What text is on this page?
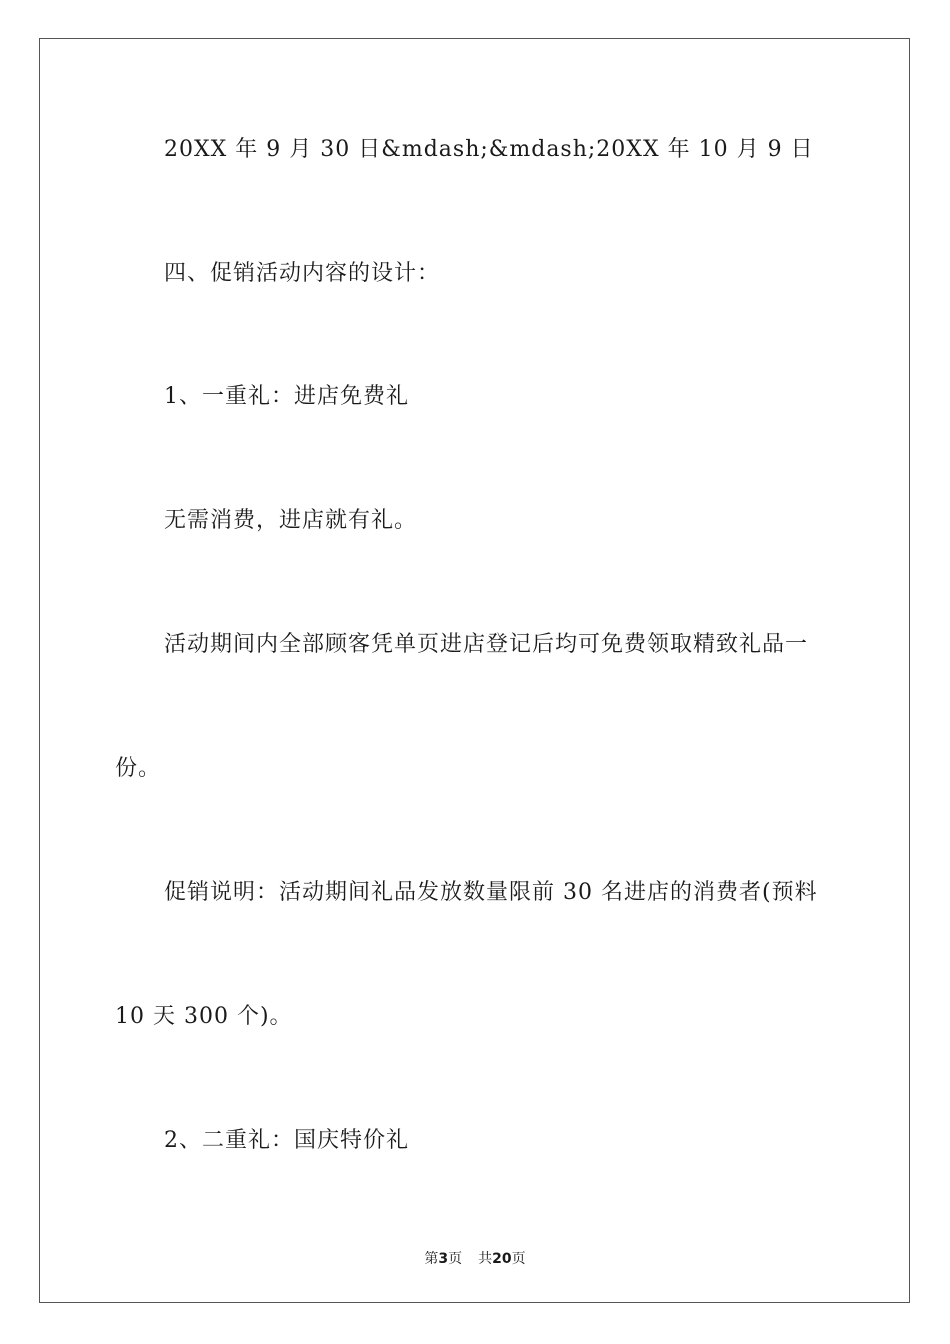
20XX 年 9 月 30 日&mdash;&mdash;20XX 年 10 月 9 日
四、促销活动内容的设计：
1、一重礼：进店免费礼
无需消费，进店就有礼。
活动期间内全部顾客凭单页进店登记后均可免费领取精致礼品一
份。
促销说明：活动期间礼品发放数量限前 30 名进店的消费者(预料
10 天 300 个)。
2、二重礼：国庆特价礼
第3页 共20页
